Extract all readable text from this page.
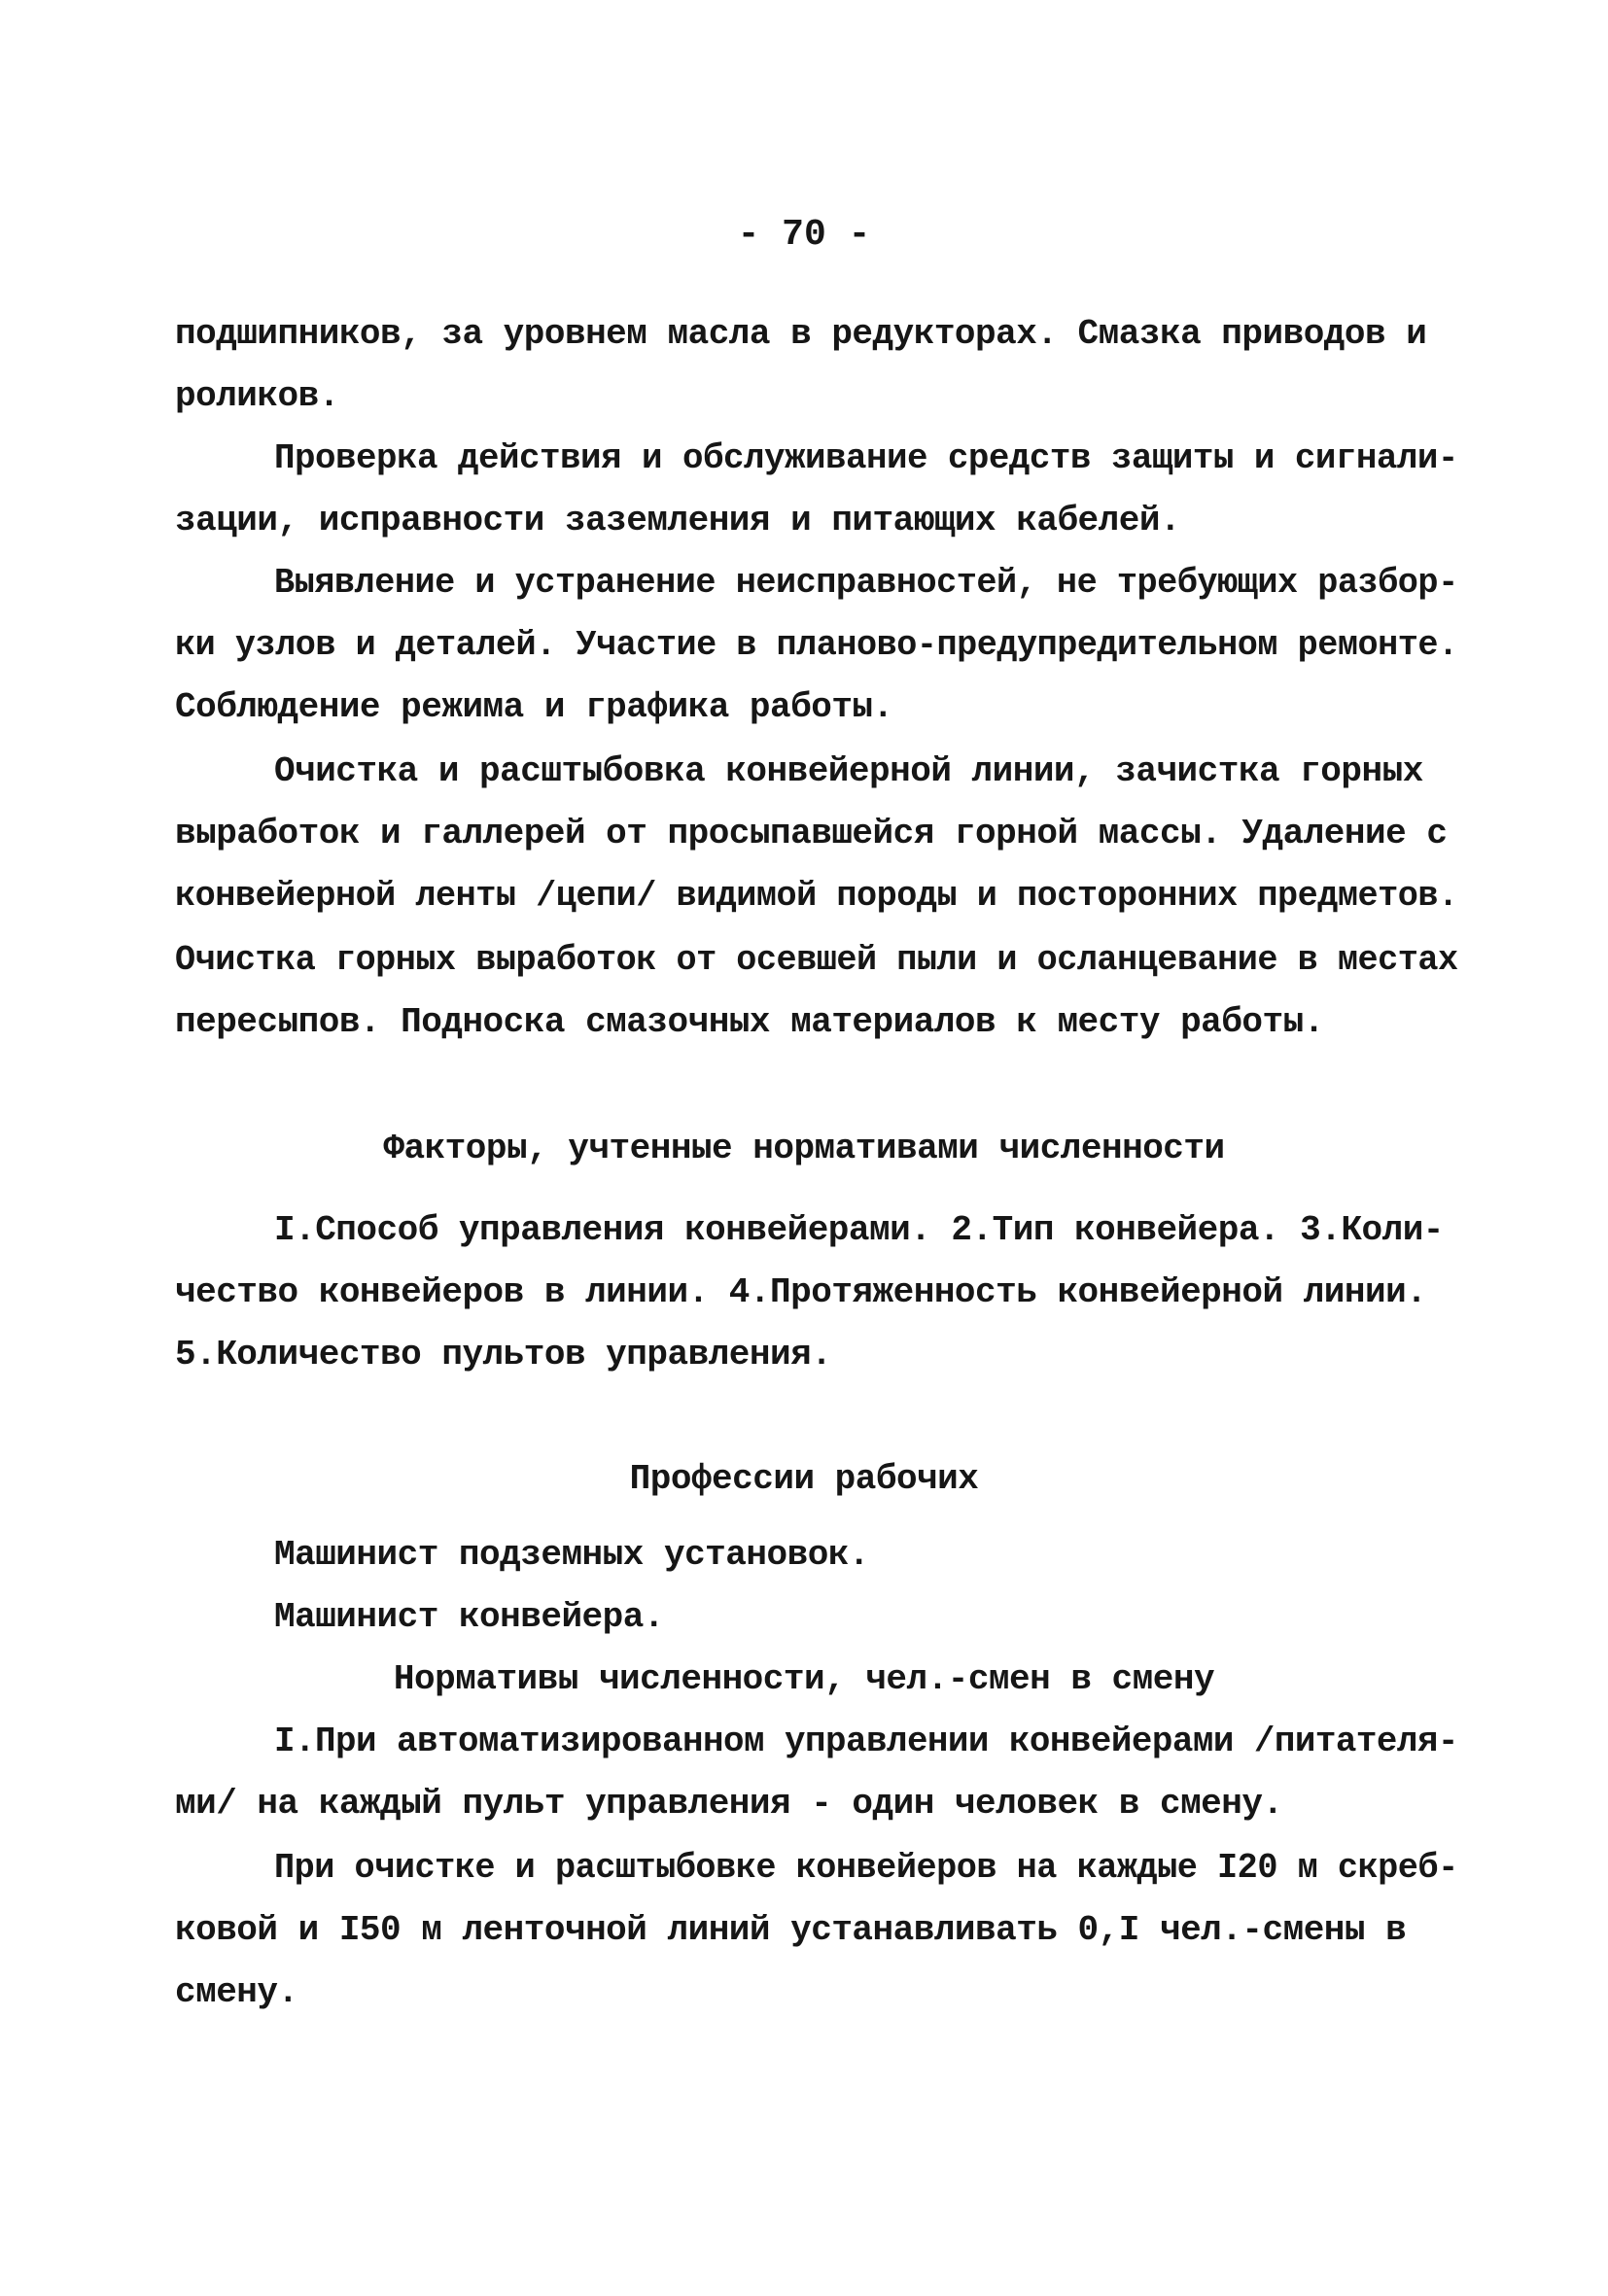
- 70 -
подшипников, за уровнем масла в редукторах. Смазка приводов и
роликов.
Проверка действия и обслуживание средств защиты и сигнали-
зации, исправности заземления и питающих кабелей.
Выявление и устранение неисправностей, не требующих разбор-
ки узлов и деталей. Участие в планово-предупредительном ремонте.
Соблюдение режима и графика работы.
Очистка и расштыбовка конвейерной линии, зачистка горных
выработок и галлерей от просыпавшейся горной массы. Удаление с
конвейерной ленты /цепи/ видимой породы и посторонних предметов.
Очистка горных выработок от осевшей пыли и осланцевание в местах
пересыпов. Подноска смазочных материалов к месту работы.
Факторы, учтенные нормативами численности
I.Способ управления конвейерами. 2.Тип конвейера. 3.Коли-
чество конвейеров в линии. 4.Протяженность конвейерной линии.
5.Количество пультов управления.
Профессии рабочих
Машинист подземных установок.
Машинист конвейера.
Нормативы численности, чел.-смен в смену
I.При автоматизированном управлении конвейерами /питателя-
ми/ на каждый пульт управления - один человек в смену.
При очистке и расштыбовке конвейеров на каждые I20 м скреб-
ковой и I50 м ленточной линий устанавливать 0,I чел.-смены в
смену.
